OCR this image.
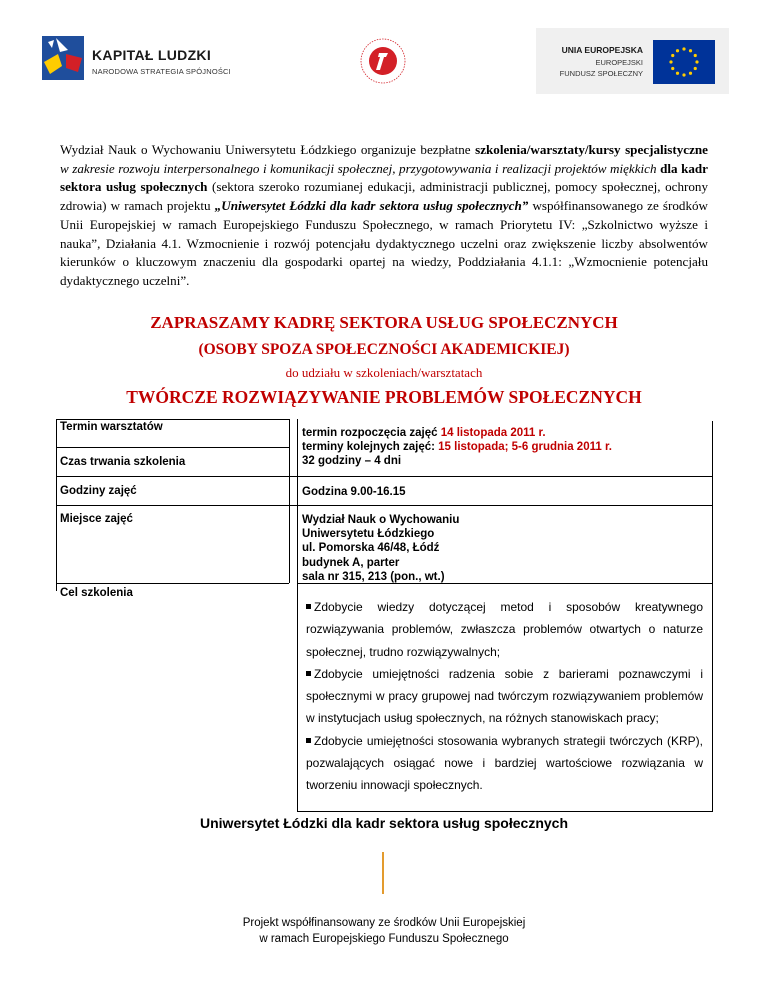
KAPITAŁ LUDZKI
NARODOWA STRATEGIA SPÓJNOŚCI
UNIA EUROPEJSKA
EUROPEJSKI
FUNDUSZ SPOŁECZNY
Wydział Nauk o Wychowaniu Uniwersytetu Łódzkiego organizuje bezpłatne szkolenia/warsztaty/kursy specjalistyczne w zakresie rozwoju interpersonalnego i komunikacji społecznej, przygotowywania i realizacji projektów miękkich dla kadr sektora usług społecznych (sektora szeroko rozumianej edukacji, administracji publicznej, pomocy społecznej, ochrony zdrowia) w ramach projektu „Uniwersytet Łódzki dla kadr sektora usług społecznych” współfinansowanego ze środków Unii Europejskiej w ramach Europejskiego Funduszu Społecznego, w ramach Priorytetu IV: „Szkolnictwo wyższe i nauka”, Działania 4.1. Wzmocnienie i rozwój potencjału dydaktycznego uczelni oraz zwiększenie liczby absolwentów kierunków o kluczowym znaczeniu dla gospodarki opartej na wiedzy, Poddziałania 4.1.1: „Wzmocnienie potencjału dydaktycznego uczelni”.
ZAPRASZAMY KADRĘ SEKTORA USŁUG SPOŁECZNYCH
(OSOBY SPOZA SPOŁECZNOŚCI AKADEMICKIEJ)
do udziału w szkoleniach/warsztatach
TWÓRCZE ROZWIĄZYWANIE PROBLEMÓW SPOŁECZNYCH
Termin warsztatów
Czas trwania szkolenia
termin rozpoczęcia zajęć 14 listopada 2011 r.
terminy kolejnych zajęć: 15 listopada; 5-6 grudnia 2011 r.
32 godziny – 4 dni
Godziny zajęć	Godzina 9.00-16.15
Miejsce zajęć	Wydział Nauk o Wychowaniu
Uniwersytetu Łódzkiego
ul. Pomorska 46/48, Łódź
budynek A, parter
sala nr 315, 213 (pon., wt.)
Cel szkolenia

Zdobycie wiedzy dotyczącej metod i sposobów kreatywnego rozwiązywania problemów, zwłaszcza problemów otwartych o naturze społecznej, trudno rozwiązywalnych;

Zdobycie umiejętności radzenia sobie z barierami poznawczymi i społecznymi w pracy grupowej nad twórczym rozwiązywaniem problemów w instytucjach usług społecznych, na różnych stanowiskach pracy;

Zdobycie umiejętności stosowania wybranych strategii twórczych (KRP), pozwalających osiągać nowe i bardziej wartościowe rozwiązania w tworzeniu innowacji społecznych.

Uniwersytet Łódzki dla kadr sektora usług społecznych
Projekt współfinansowany ze środków Unii Europejskiej
w ramach Europejskiego Funduszu Społecznego
